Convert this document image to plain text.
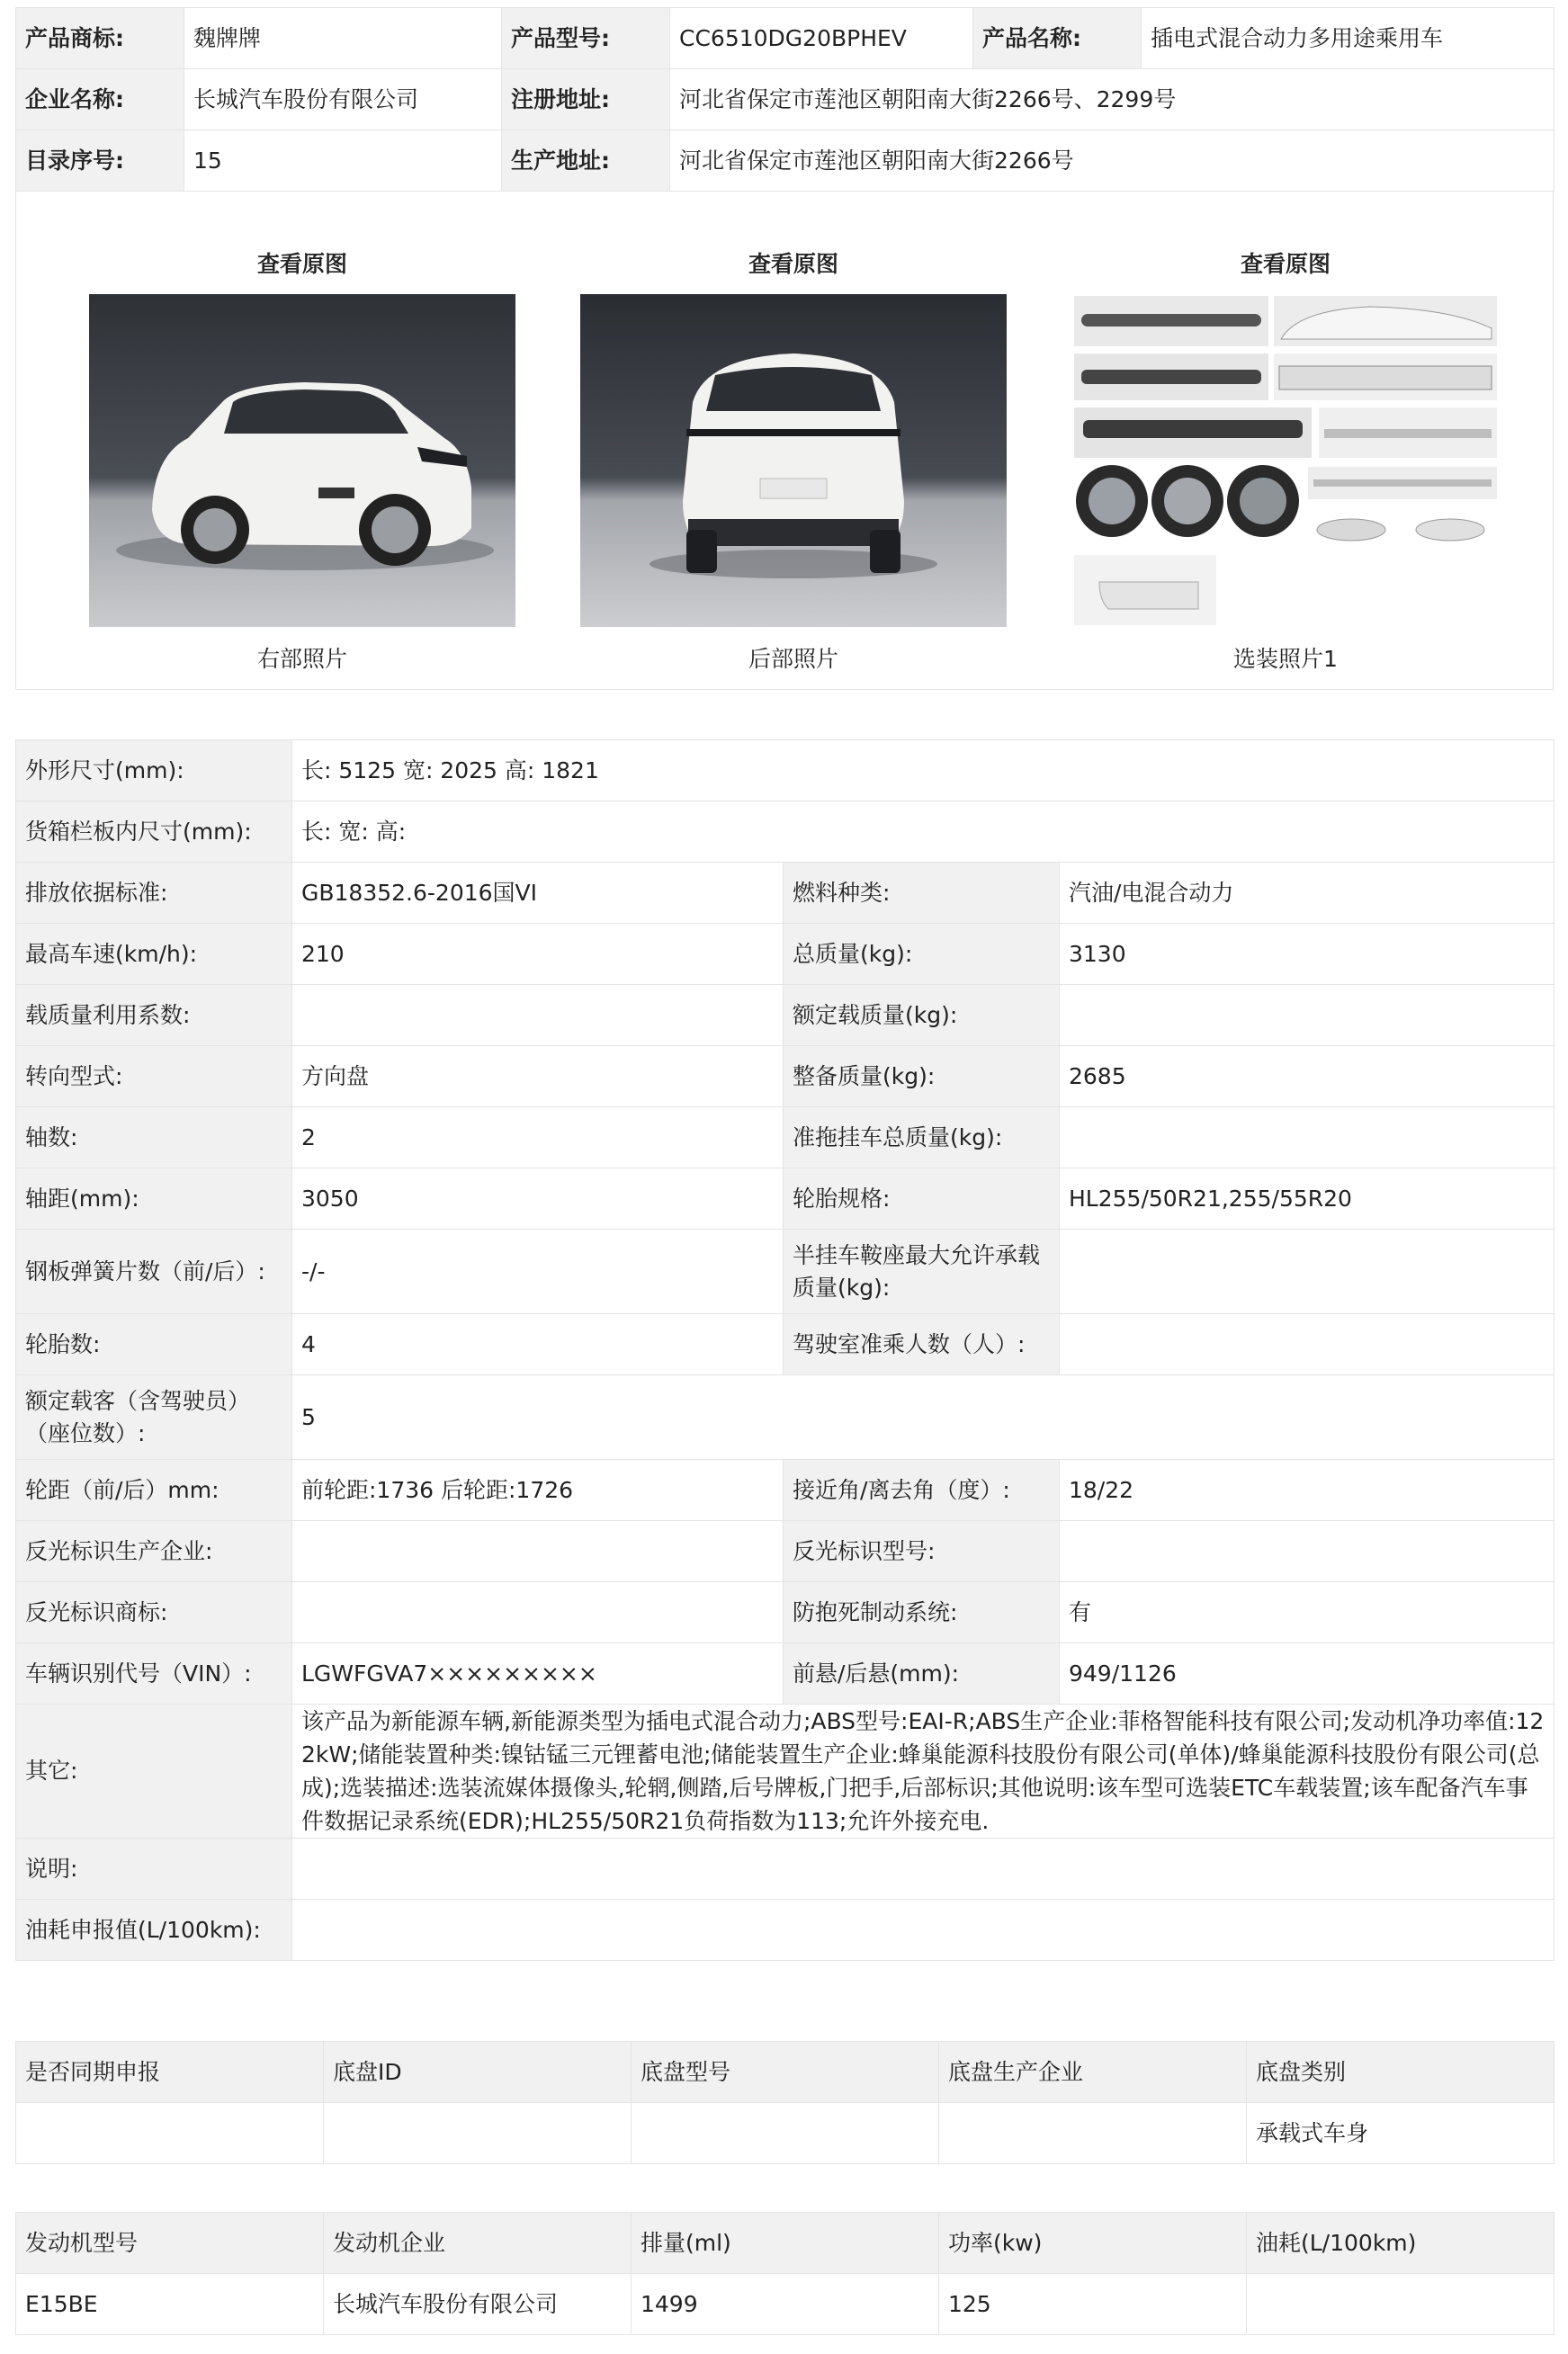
产品商标:	魏牌牌	产品型号:	CC6510DG20BPHEV	产品名称:	插电式混合动力多用途乘用车
企业名称:	长城汽车股份有限公司	注册地址:	河北省保定市莲池区朝阳南大街2266号、2299号		
目录序号:	15	生产地址:	河北省保定市莲池区朝阳南大街2266号		
查看原图
右部照片
查看原图
后部照片
查看原图
选装照片1
外形尺寸(mm):	长: 5125 宽: 2025 高: 1821		
货箱栏板内尺寸(mm):	长: 宽: 高:		
排放依据标准:	GB18352.6-2016国VI	燃料种类:	汽油/电混合动力
最高车速(km/h):	210	总质量(kg):	3130
载质量利用系数:		额定载质量(kg):	
转向型式:	方向盘	整备质量(kg):	2685
轴数:	2	准拖挂车总质量(kg):	
轴距(mm):	3050	轮胎规格:	HL255/50R21,255/55R20
钢板弹簧片数（前/后）:	-/-	半挂车鞍座最大允许承载质量(kg):	
轮胎数:	4	驾驶室准乘人数（人）:	
额定载客（含驾驶员）（座位数）:	5		
轮距（前/后）mm:	前轮距:1736 后轮距:1726	接近角/离去角（度）:	18/22
反光标识生产企业:		反光标识型号:	
反光标识商标:		防抱死制动系统:	有
车辆识别代号（VIN）:	LGWFGVA7×××××××××	前悬/后悬(mm):	949/1126
其它:	该产品为新能源车辆,新能源类型为插电式混合动力;ABS型号:EAI-R;ABS生产企业:菲格智能科技有限公司;发动机净功率值:122kW;储能装置种类:镍钴锰三元锂蓄电池;储能装置生产企业:蜂巢能源科技股份有限公司(单体)/蜂巢能源科技股份有限公司(总成);选装描述:选装流媒体摄像头,轮辋,侧踏,后号牌板,门把手,后部标识;其他说明:该车型可选装ETC车载装置;该车配备汽车事件数据记录系统(EDR);HL255/50R21负荷指数为113;允许外接充电.		
说明:			
油耗申报值(L/100km):			
是否同期申报	底盘ID	底盘型号	底盘生产企业	底盘类别
				承载式车身
发动机型号	发动机企业	排量(ml)	功率(kw)	油耗(L/100km)
E15BE	长城汽车股份有限公司	1499	125	
